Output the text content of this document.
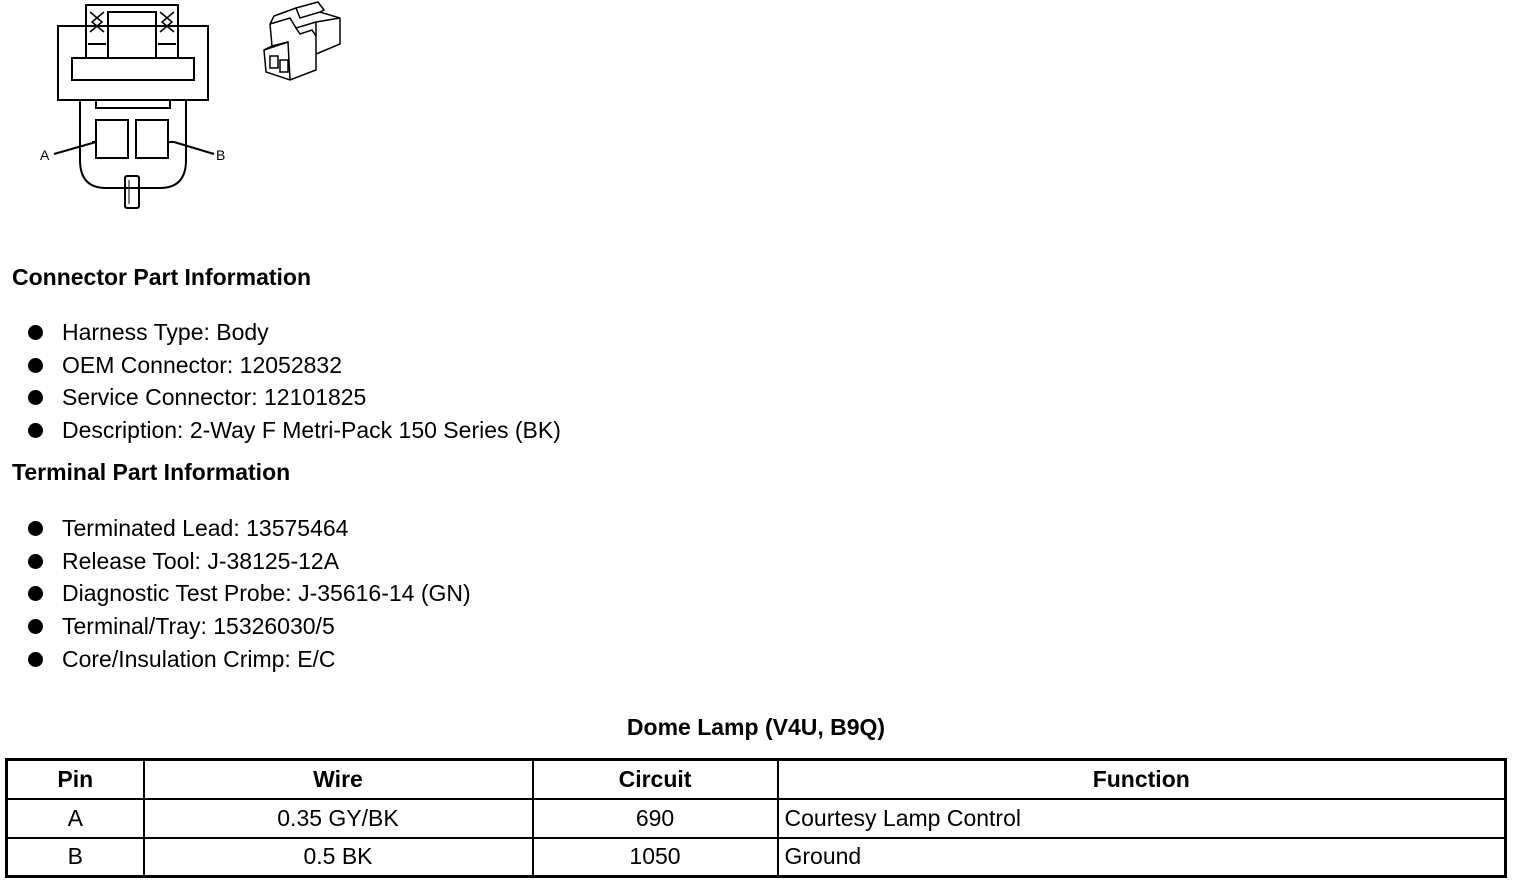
A	B
Connector Part Information
Harness Type: Body
OEM Connector: 12052832
Service Connector: 12101825
Description: 2-Way F Metri-Pack 150 Series (BK)
Terminal Part Information
Terminated Lead: 13575464
Release Tool: J-38125-12A
Diagnostic Test Probe: J-35616-14 (GN)
Terminal/Tray: 15326030/5
Core/Insulation Crimp: E/C
Dome Lamp (V4U, B9Q)
Pin	Wire	Circuit	Function
A	0.35 GY/BK	690	Courtesy Lamp Control
B	0.5 BK	1050	Ground
